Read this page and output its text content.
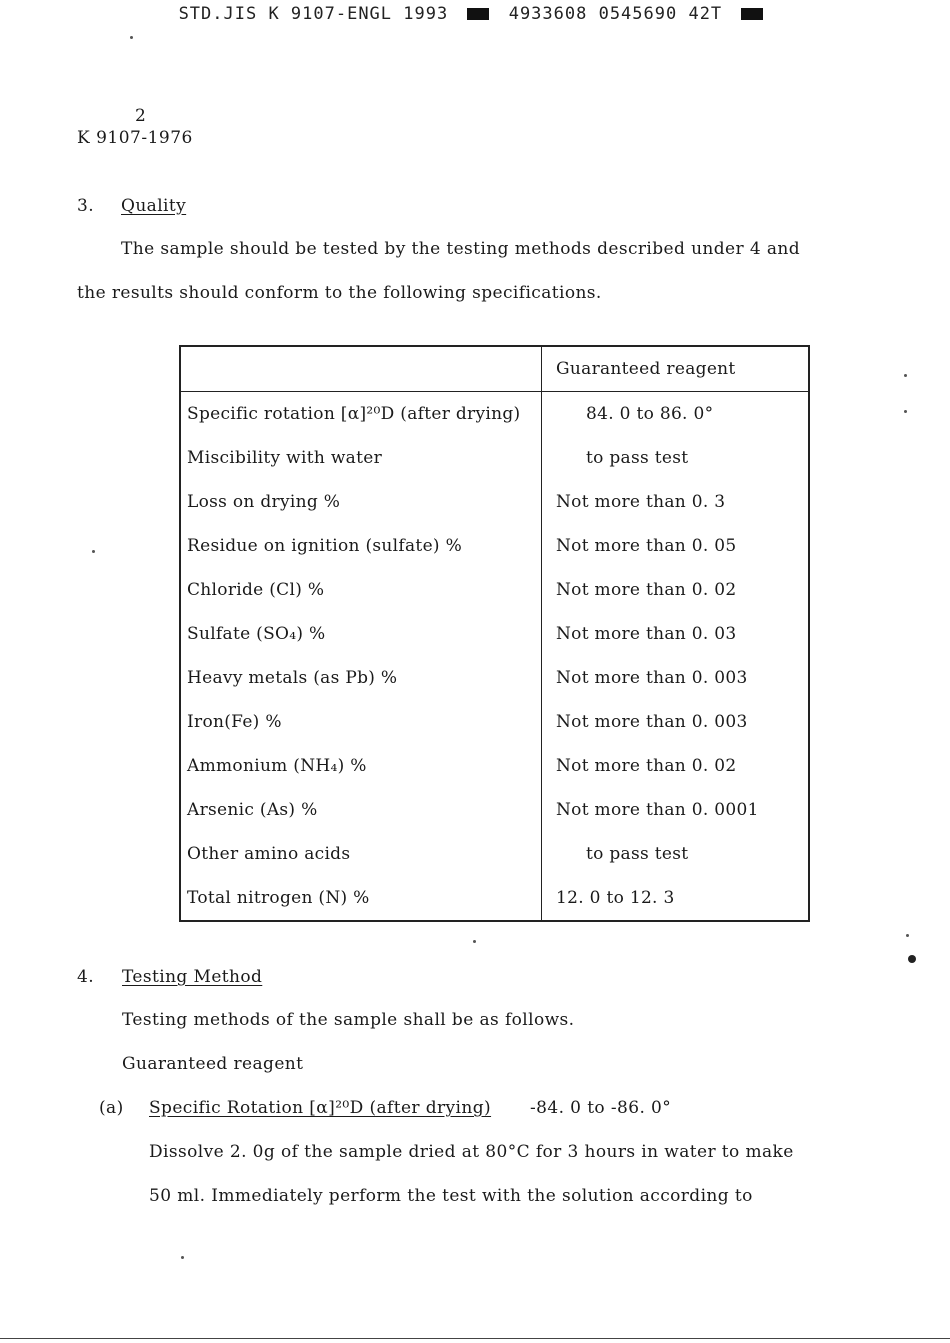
STD.JIS K 9107-ENGL 1993	4933608 0545690 42T
2
K 9107-1976
3. Quality
The sample should be tested by the testing methods described under 4 and
the results should conform to the following specifications.
	Guaranteed reagent
Specific rotation [α]²⁰D (after drying)	84. 0 to 86. 0°
Miscibility with water	to pass test
Loss on drying %	Not more than 0. 3
Residue on ignition (sulfate) %	Not more than 0. 05
Chloride (Cl) %	Not more than 0. 02
Sulfate (SO₄) %	Not more than 0. 03
Heavy metals (as Pb) %	Not more than 0. 003
Iron(Fe) %	Not more than 0. 003
Ammonium (NH₄) %	Not more than 0. 02
Arsenic (As) %	Not more than 0. 0001
Other amino acids	to pass test
Total nitrogen (N) %	12. 0 to 12. 3
4. Testing Method
Testing methods of the sample shall be as follows.
Guaranteed reagent
(a) Specific Rotation [α]²⁰D (after drying) -84. 0 to -86. 0°
Dissolve 2. 0g of the sample dried at 80°C for 3 hours in water to make
50 ml. Immediately perform the test with the solution according to
